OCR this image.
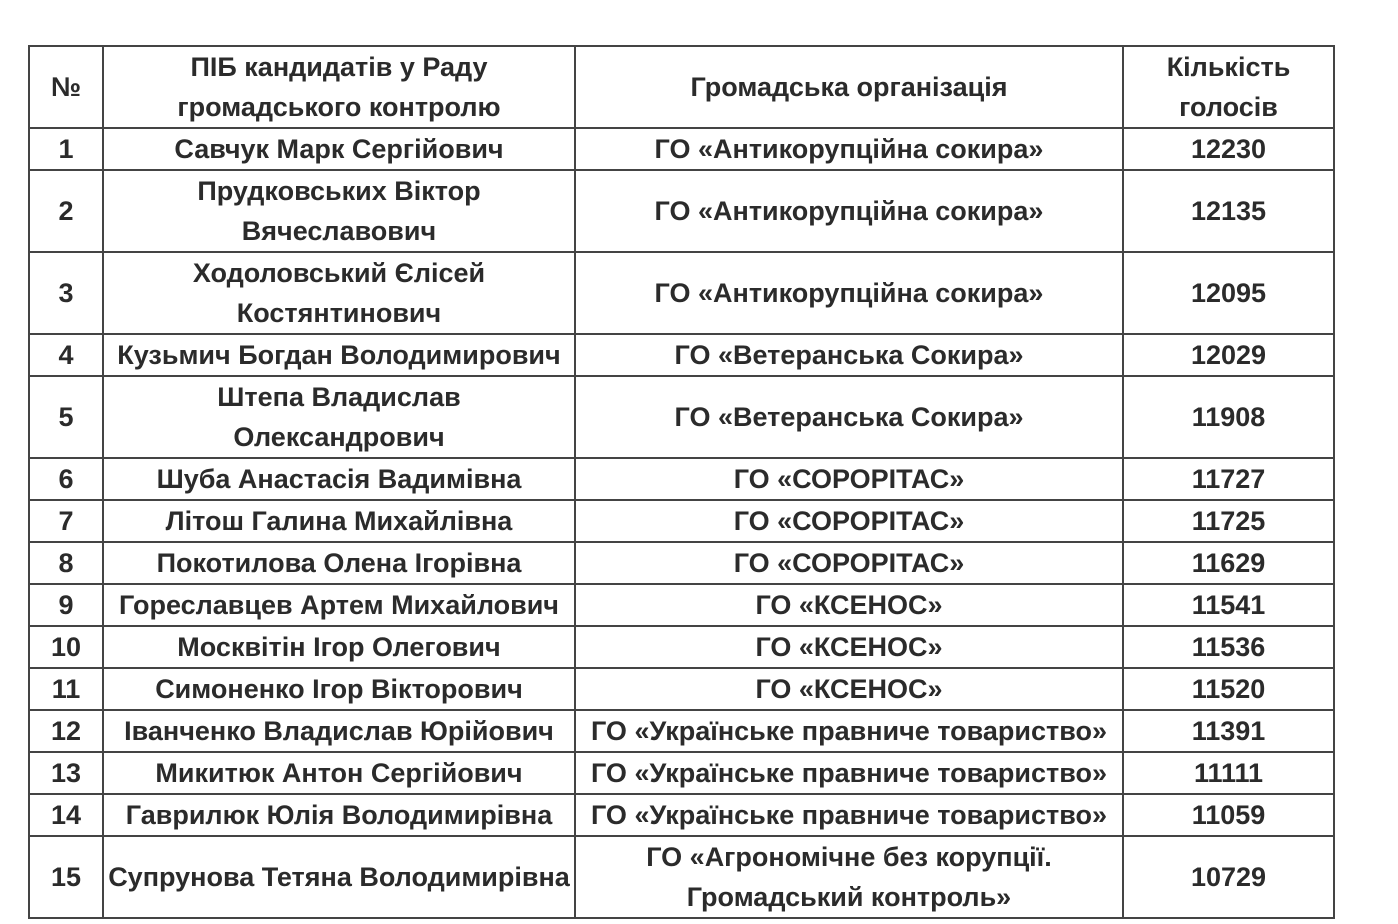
№	ПІБ кандидатів у Раду громадського контролю	Громадська організація	Кількість голосів
1	Савчук Марк Сергійович	ГО «Антикорупційна сокира»	12230
2	Прудковських Віктор Вячеславович	ГО «Антикорупційна сокира»	12135
3	Ходоловський Єлісей Костянтинович	ГО «Антикорупційна сокира»	12095
4	Кузьмич Богдан Володимирович	ГО «Ветеранська Сокира»	12029
5	Штепа Владислав Олександрович	ГО «Ветеранська Сокира»	11908
6	Шуба Анастасія Вадимівна	ГО «СОРОРІТАС»	11727
7	Літош Галина Михайлівна	ГО «СОРОРІТАС»	11725
8	Покотилова Олена Ігорівна	ГО «СОРОРІТАС»	11629
9	Гореславцев Артем Михайлович	ГО «КСЕНОС»	11541
10	Москвітін Ігор Олегович	ГО «КСЕНОС»	11536
11	Симоненко Ігор Вікторович	ГО «КСЕНОС»	11520
12	Іванченко Владислав Юрійович	ГО «Українське правниче товариство»	11391
13	Микитюк Антон Сергійович	ГО «Українське правниче товариство»	11111
14	Гаврилюк Юлія Володимирівна	ГО «Українське правниче товариство»	11059
15	Супрунова Тетяна Володимирівна	ГО «Агрономічне без корупції. Громадський контроль»	10729
